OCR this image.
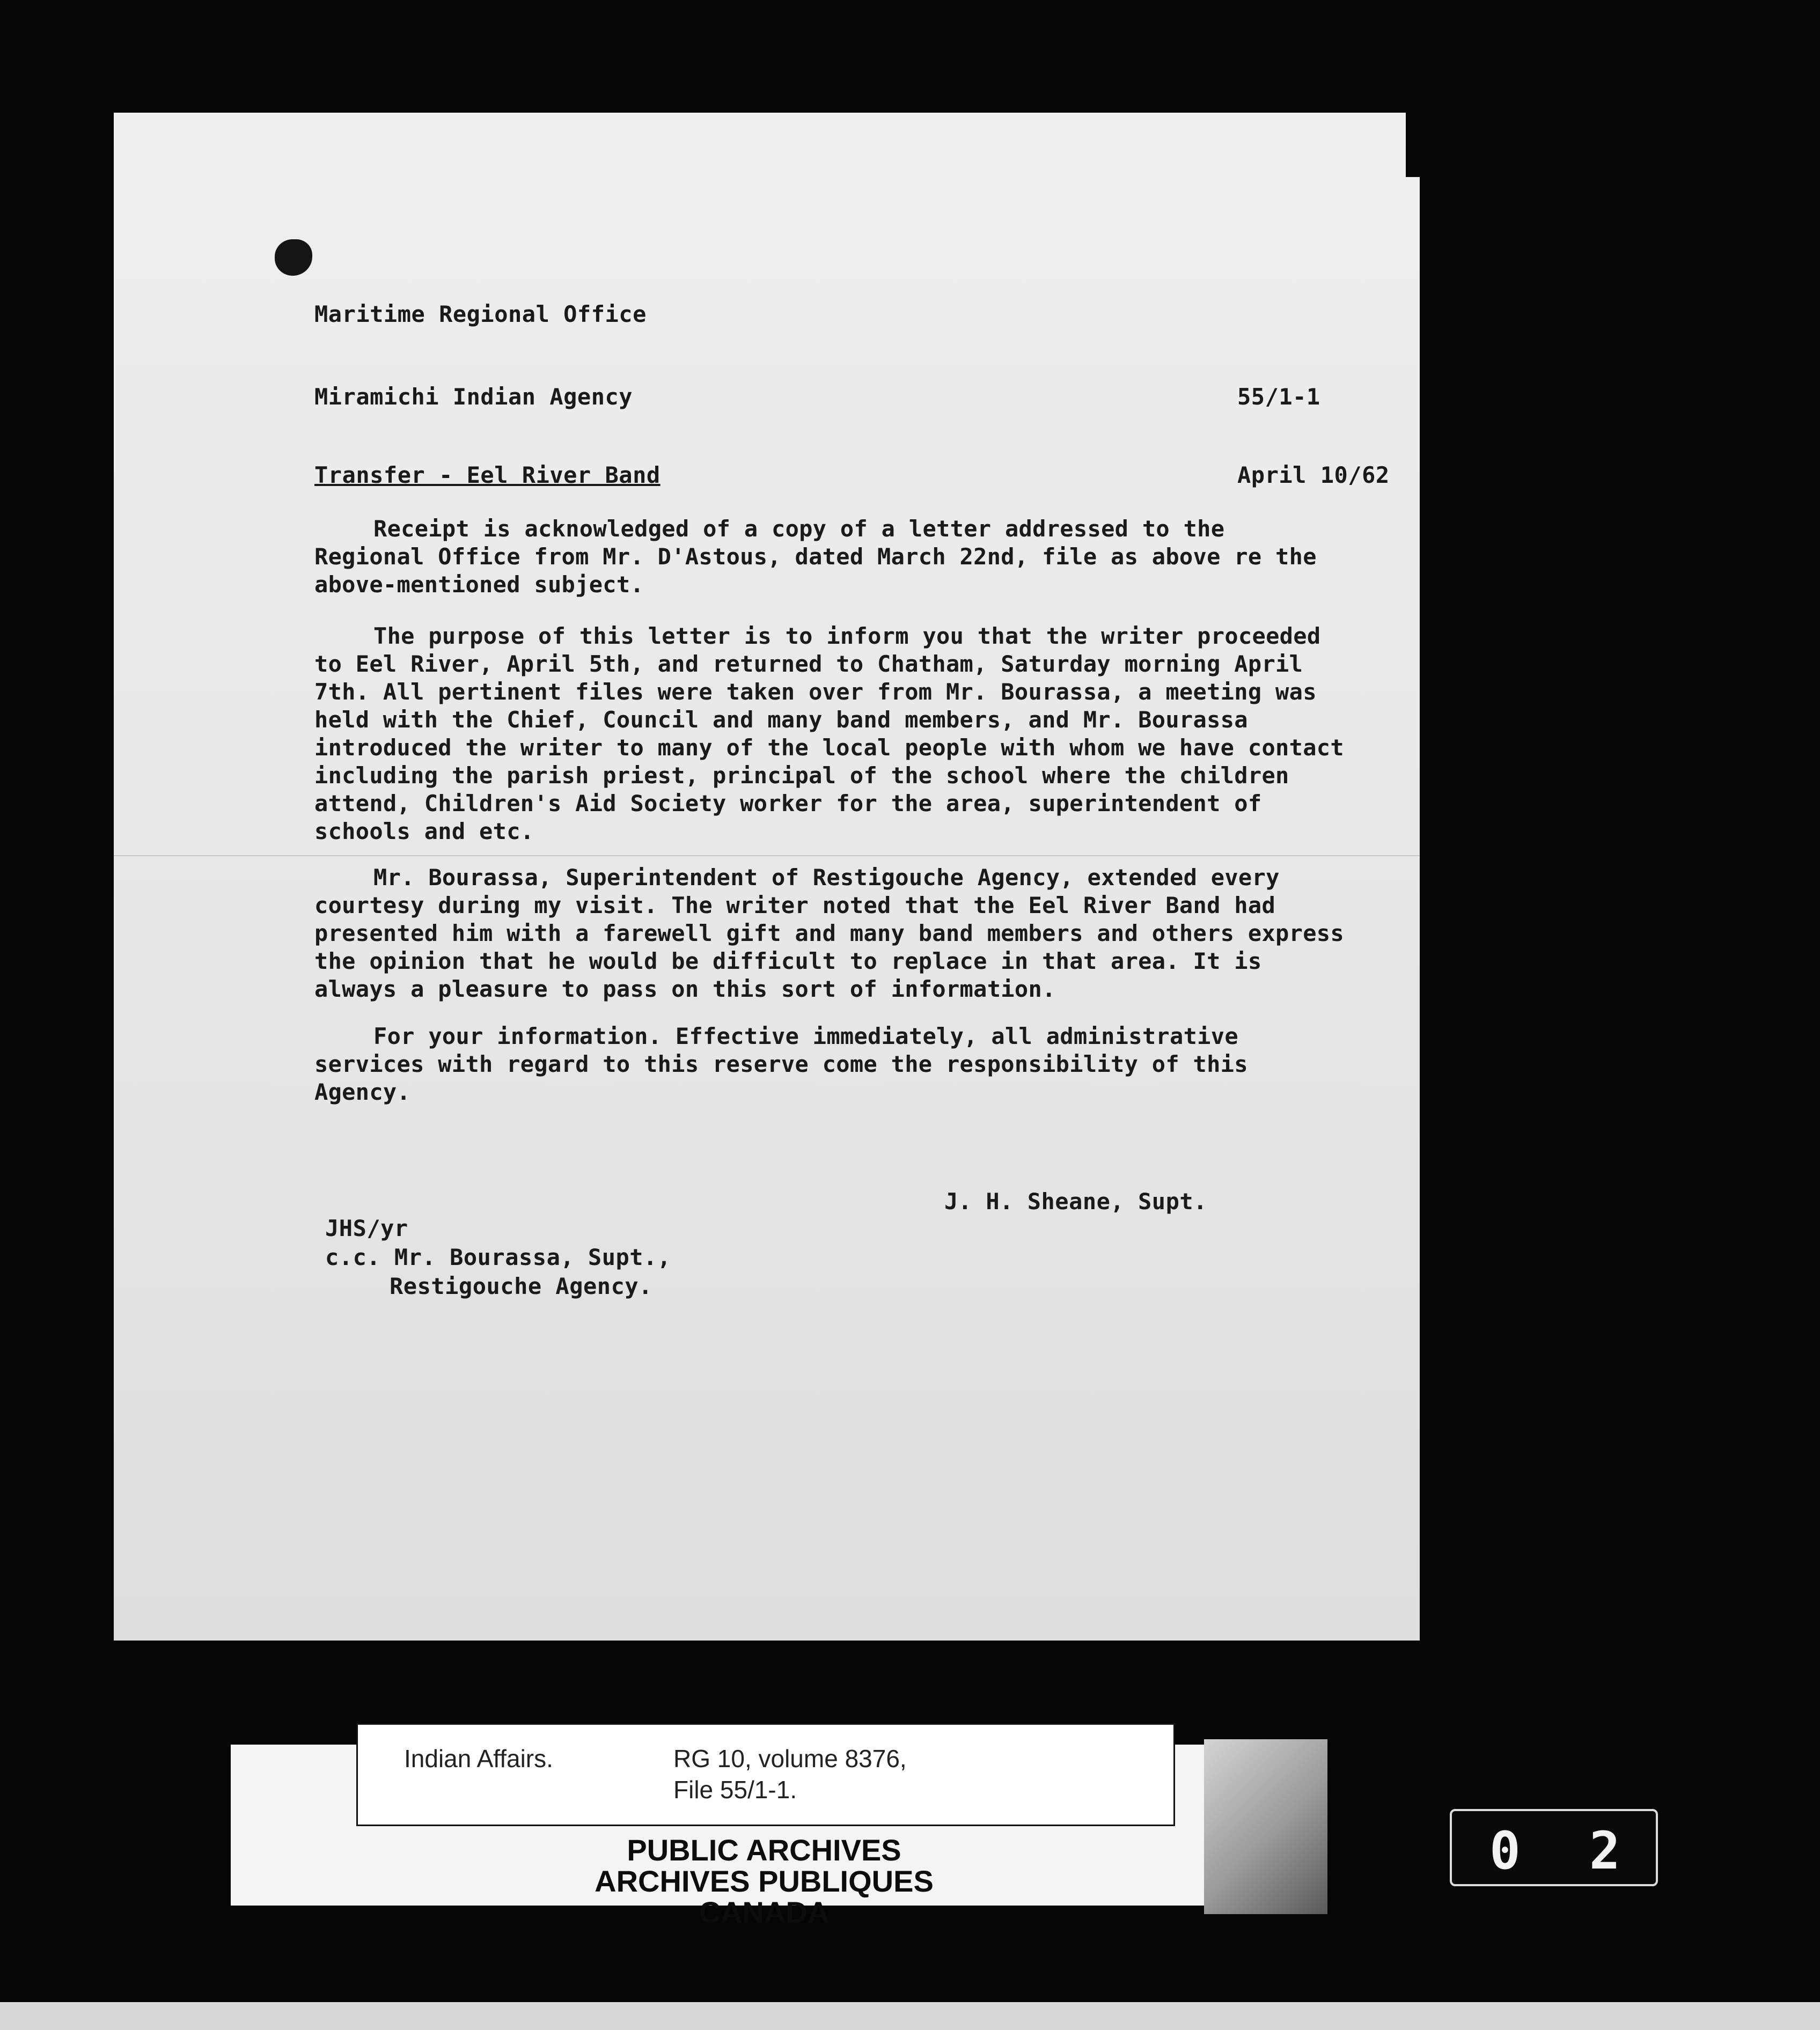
Maritime Regional Office
Miramichi Indian Agency	55/1-1
Transfer - Eel River Band	April 10/62

Receipt is acknowledged of a copy of a letter addressed to the Regional Office from Mr. D'Astous, dated March 22nd, file as above re the above-mentioned subject.

The purpose of this letter is to inform you that the writer proceeded to Eel River, April 5th, and returned to Chatham, Saturday morning April 7th. All pertinent files were taken over from Mr. Bourassa, a meeting was held with the Chief, Council and many band members, and Mr. Bourassa introduced the writer to many of the local people with whom we have contact including the parish priest, principal of the school where the children attend, Children's Aid Society worker for the area, superintendent of schools and etc.

Mr. Bourassa, Superintendent of Restigouche Agency, extended every courtesy during my visit. The writer noted that the Eel River Band had presented him with a farewell gift and many band members and others express the opinion that he would be difficult to replace in that area. It is always a pleasure to pass on this sort of information.

For your information. Effective immediately, all administrative services with regard to this reserve come the responsibility of this Agency.

J. H. Sheane, Supt.
JHS/yr
c.c. Mr. Bourassa, Supt.,
Restigouche Agency.
Indian Affairs.	RG 10, volume 8376,
File 55/1-1.
PUBLIC ARCHIVES
ARCHIVES PUBLIQUES
CANADA
0 2
